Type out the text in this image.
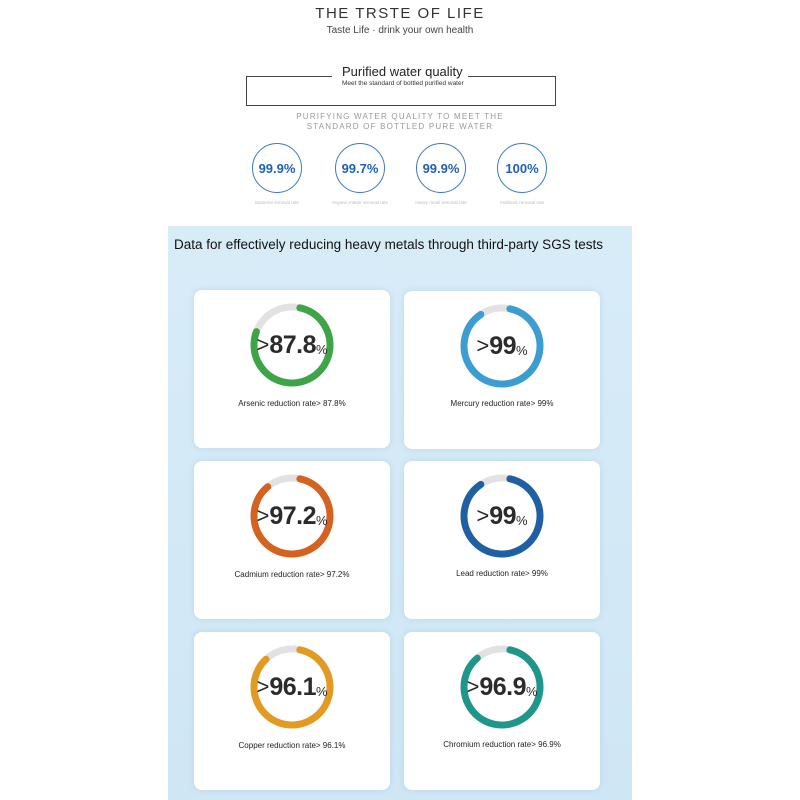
THE TRSTE OF LIFE
Taste Life · drink your own health
Purified water quality
Meet the standard of bottled purified water
PURIFYING WATER QUALITY TO MEET THE STANDARD OF BOTTLED PURE WATER
99.9%
Bacterial removal rate
99.7%
Organic matter removal rate
99.9%
Heavy metal removal rate
100%
Antibiotic removal rate
Data for effectively reducing heavy metals through third-party SGS tests
> 87.8 %
Arsenic reduction rate> 87.8%
> 99 %
Mercury reduction rate> 99%
> 97.2 %
Cadmium reduction rate> 97.2%
> 99 %
Lead reduction rate> 99%
> 96.1 %
Copper reduction rate> 96.1%
> 96.9 %
Chromium reduction rate> 96.9%
